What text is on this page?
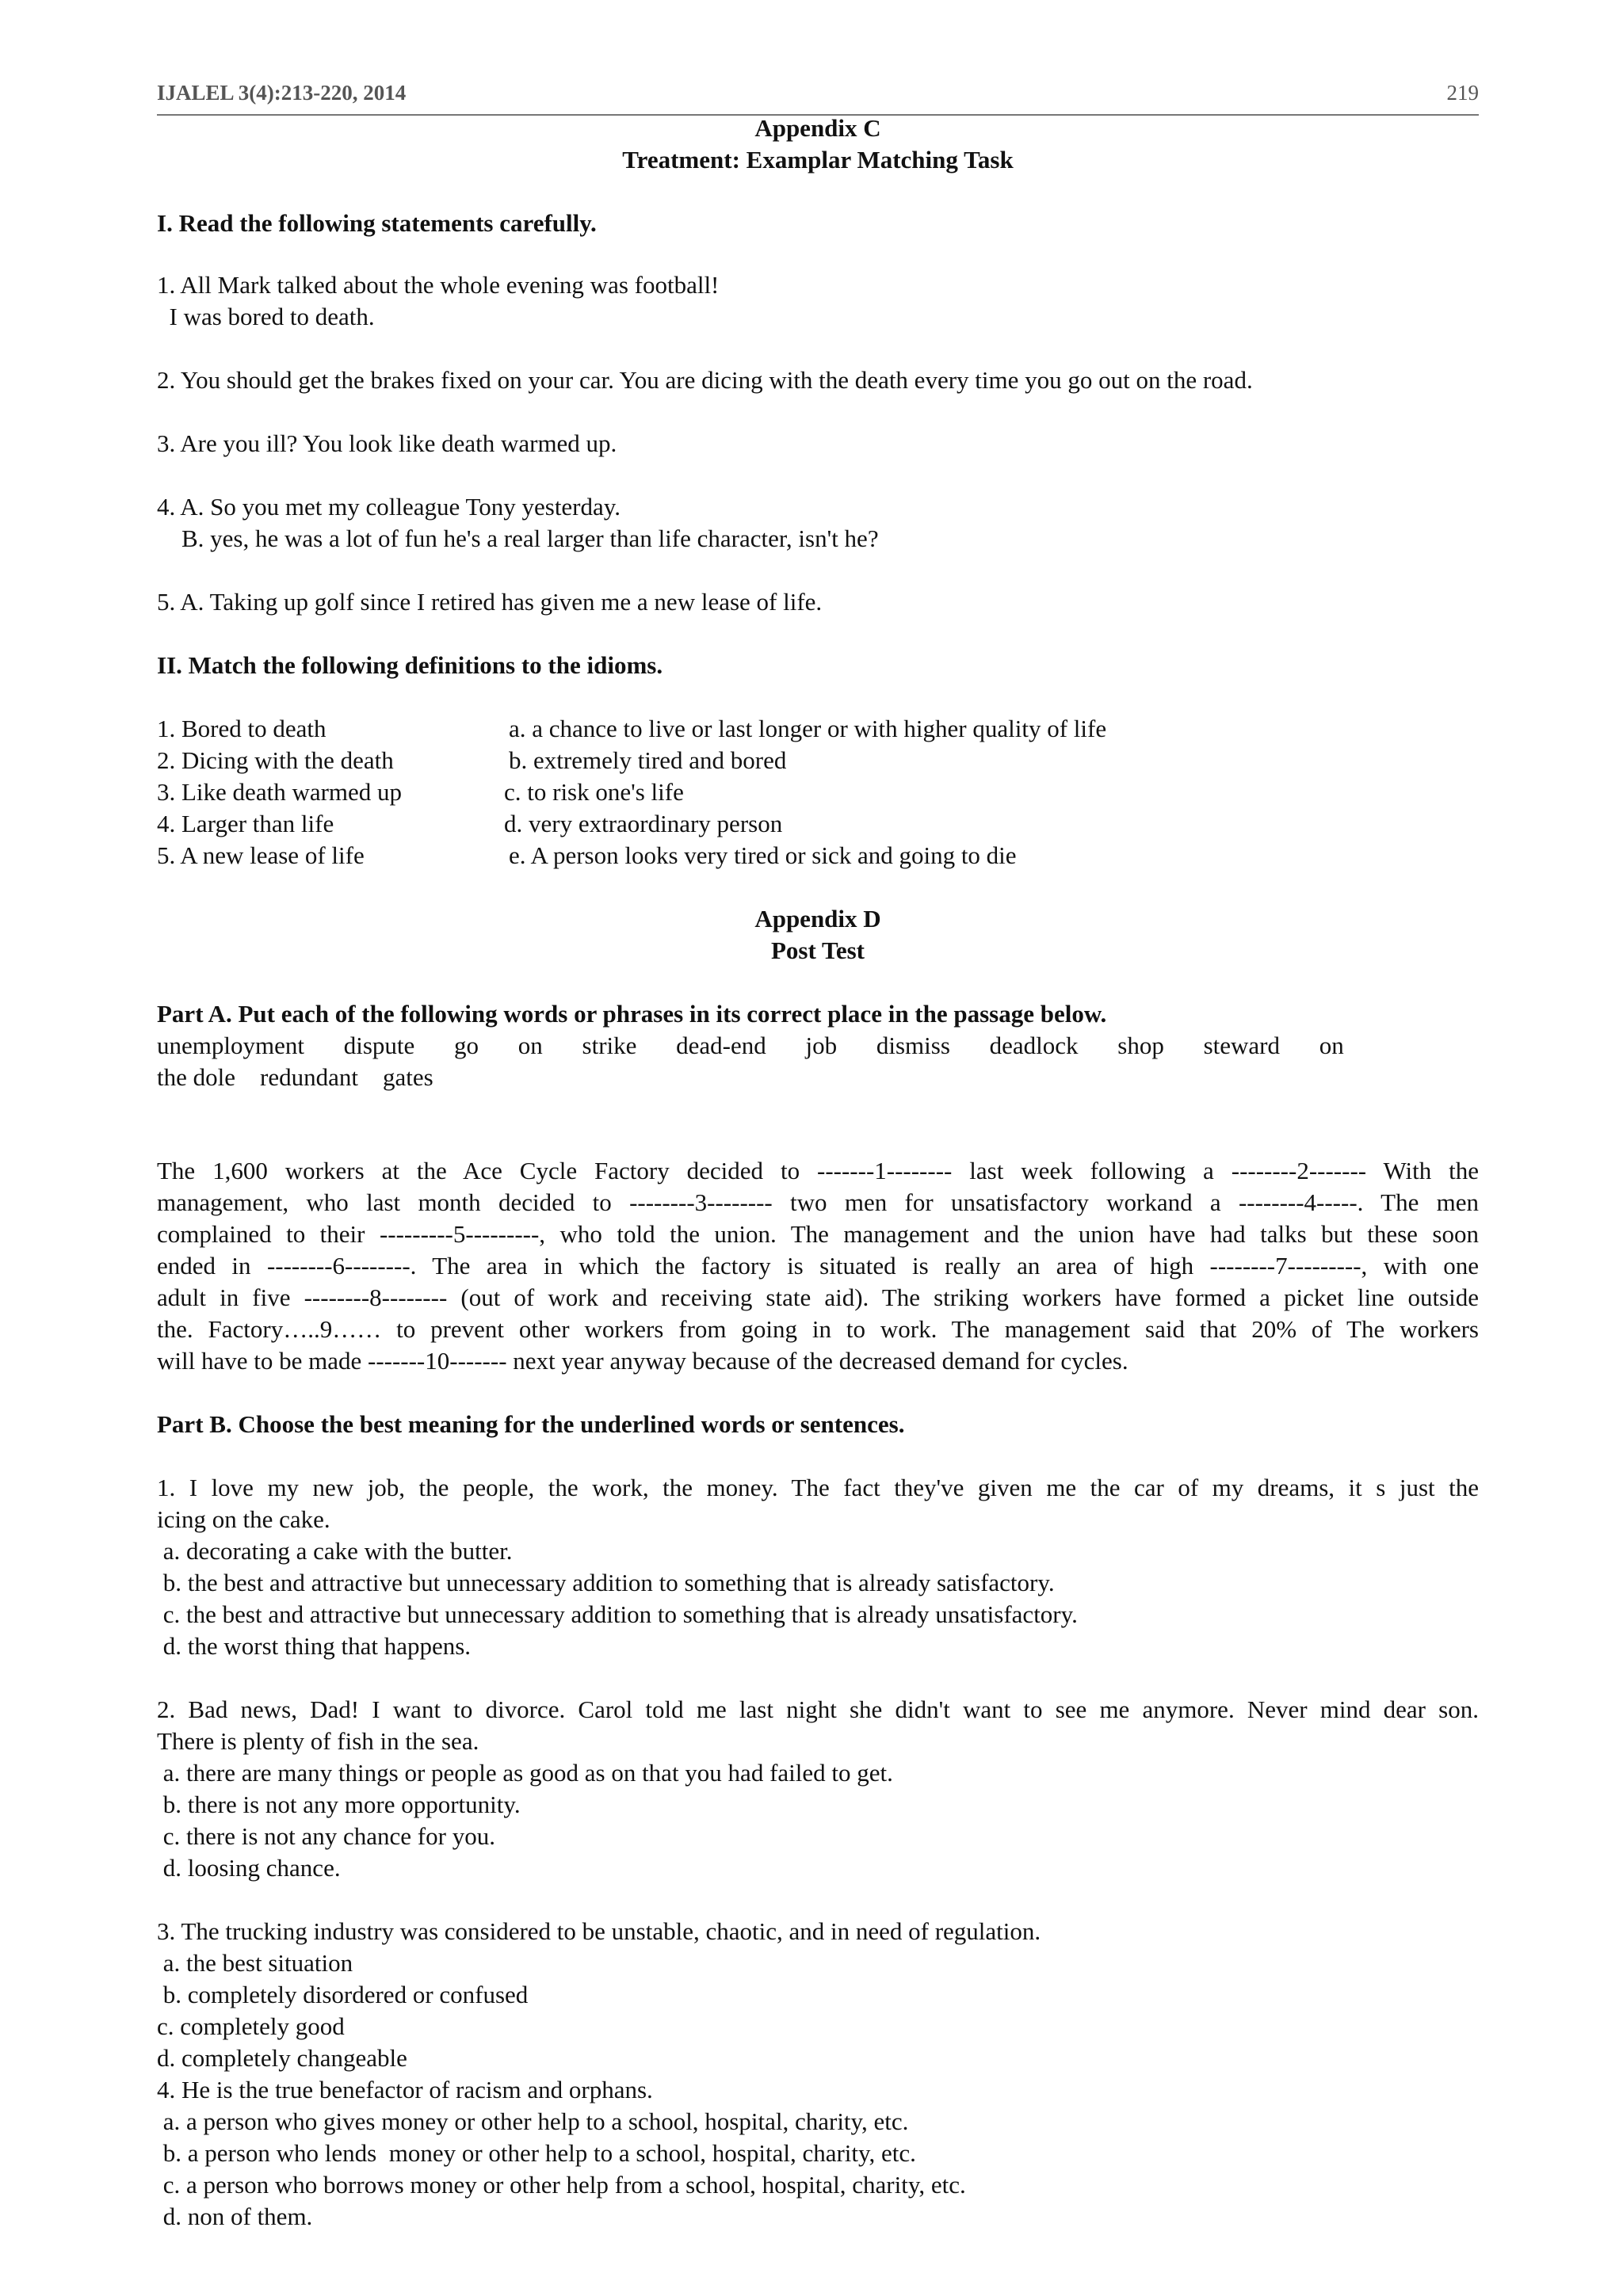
IJALEL 3(4):213-220, 2014	219
Appendix C
Treatment: Examplar Matching Task
I. Read the following statements carefully.
1. All Mark talked about the whole evening was football!
I was bored to death.
2. You should get the brakes fixed on your car. You are dicing with the death every time you go out on the road.
3. Are you ill? You look like death warmed up.
4. A. So you met my colleague Tony yesterday.
B. yes, he was a lot of fun he's a real larger than life character, isn't he?
5. A. Taking up golf since I retired has given me a new lease of life.
II. Match the following definitions to the idioms.
1. Bored to death
2. Dicing with the death
3. Like death warmed up
4. Larger than life
5. A new lease of life
a. a chance to live or last longer or with higher quality of life
b. extremely tired and bored
c. to risk one's life
d. very extraordinary person
e. A person looks very tired or sick and going to die
Appendix D
Post Test
Part A. Put each of the following words or phrases in its correct place in the passage below.
unemployment dispute go on strike dead-end job dismiss deadlock shop steward on
the dole    redundant    gates
The 1,600 workers at the Ace Cycle Factory decided to -------1-------- last week following a --------2------- With the
management, who last month decided to --------3-------- two men for unsatisfactory workand a --------4-----. The men
complained to their ---------5---------, who told the union. The management and the union have had talks but these soon
ended in --------6--------. The area in which the factory is situated is really an area of high --------7---------, with one
adult in five --------8-------- (out of work and receiving state aid). The striking workers have formed a picket line outside
the. Factory…..9…… to prevent other workers from going in to work. The management said that 20% of The workers
will have to be made -------10------- next year anyway because of the decreased demand for cycles.
Part B. Choose the best meaning for the underlined words or sentences.
1. I love my new job, the people, the work, the money. The fact they've given me the car of my dreams, it s just the
icing on the cake.
a. decorating a cake with the butter.
b. the best and attractive but unnecessary addition to something that is already satisfactory.
c. the best and attractive but unnecessary addition to something that is already unsatisfactory.
d. the worst thing that happens.
2. Bad news, Dad! I want to divorce. Carol told me last night she didn't want to see me anymore. Never mind dear son.
There is plenty of fish in the sea.
a. there are many things or people as good as on that you had failed to get.
b. there is not any more opportunity.
c. there is not any chance for you.
d. loosing chance.
3. The trucking industry was considered to be unstable, chaotic, and in need of regulation.
a. the best situation
b. completely disordered or confused
c. completely good
d. completely changeable
4. He is the true benefactor of racism and orphans.
a. a person who gives money or other help to a school, hospital, charity, etc.
b. a person who lends  money or other help to a school, hospital, charity, etc.
c. a person who borrows money or other help from a school, hospital, charity, etc.
d. non of them.
